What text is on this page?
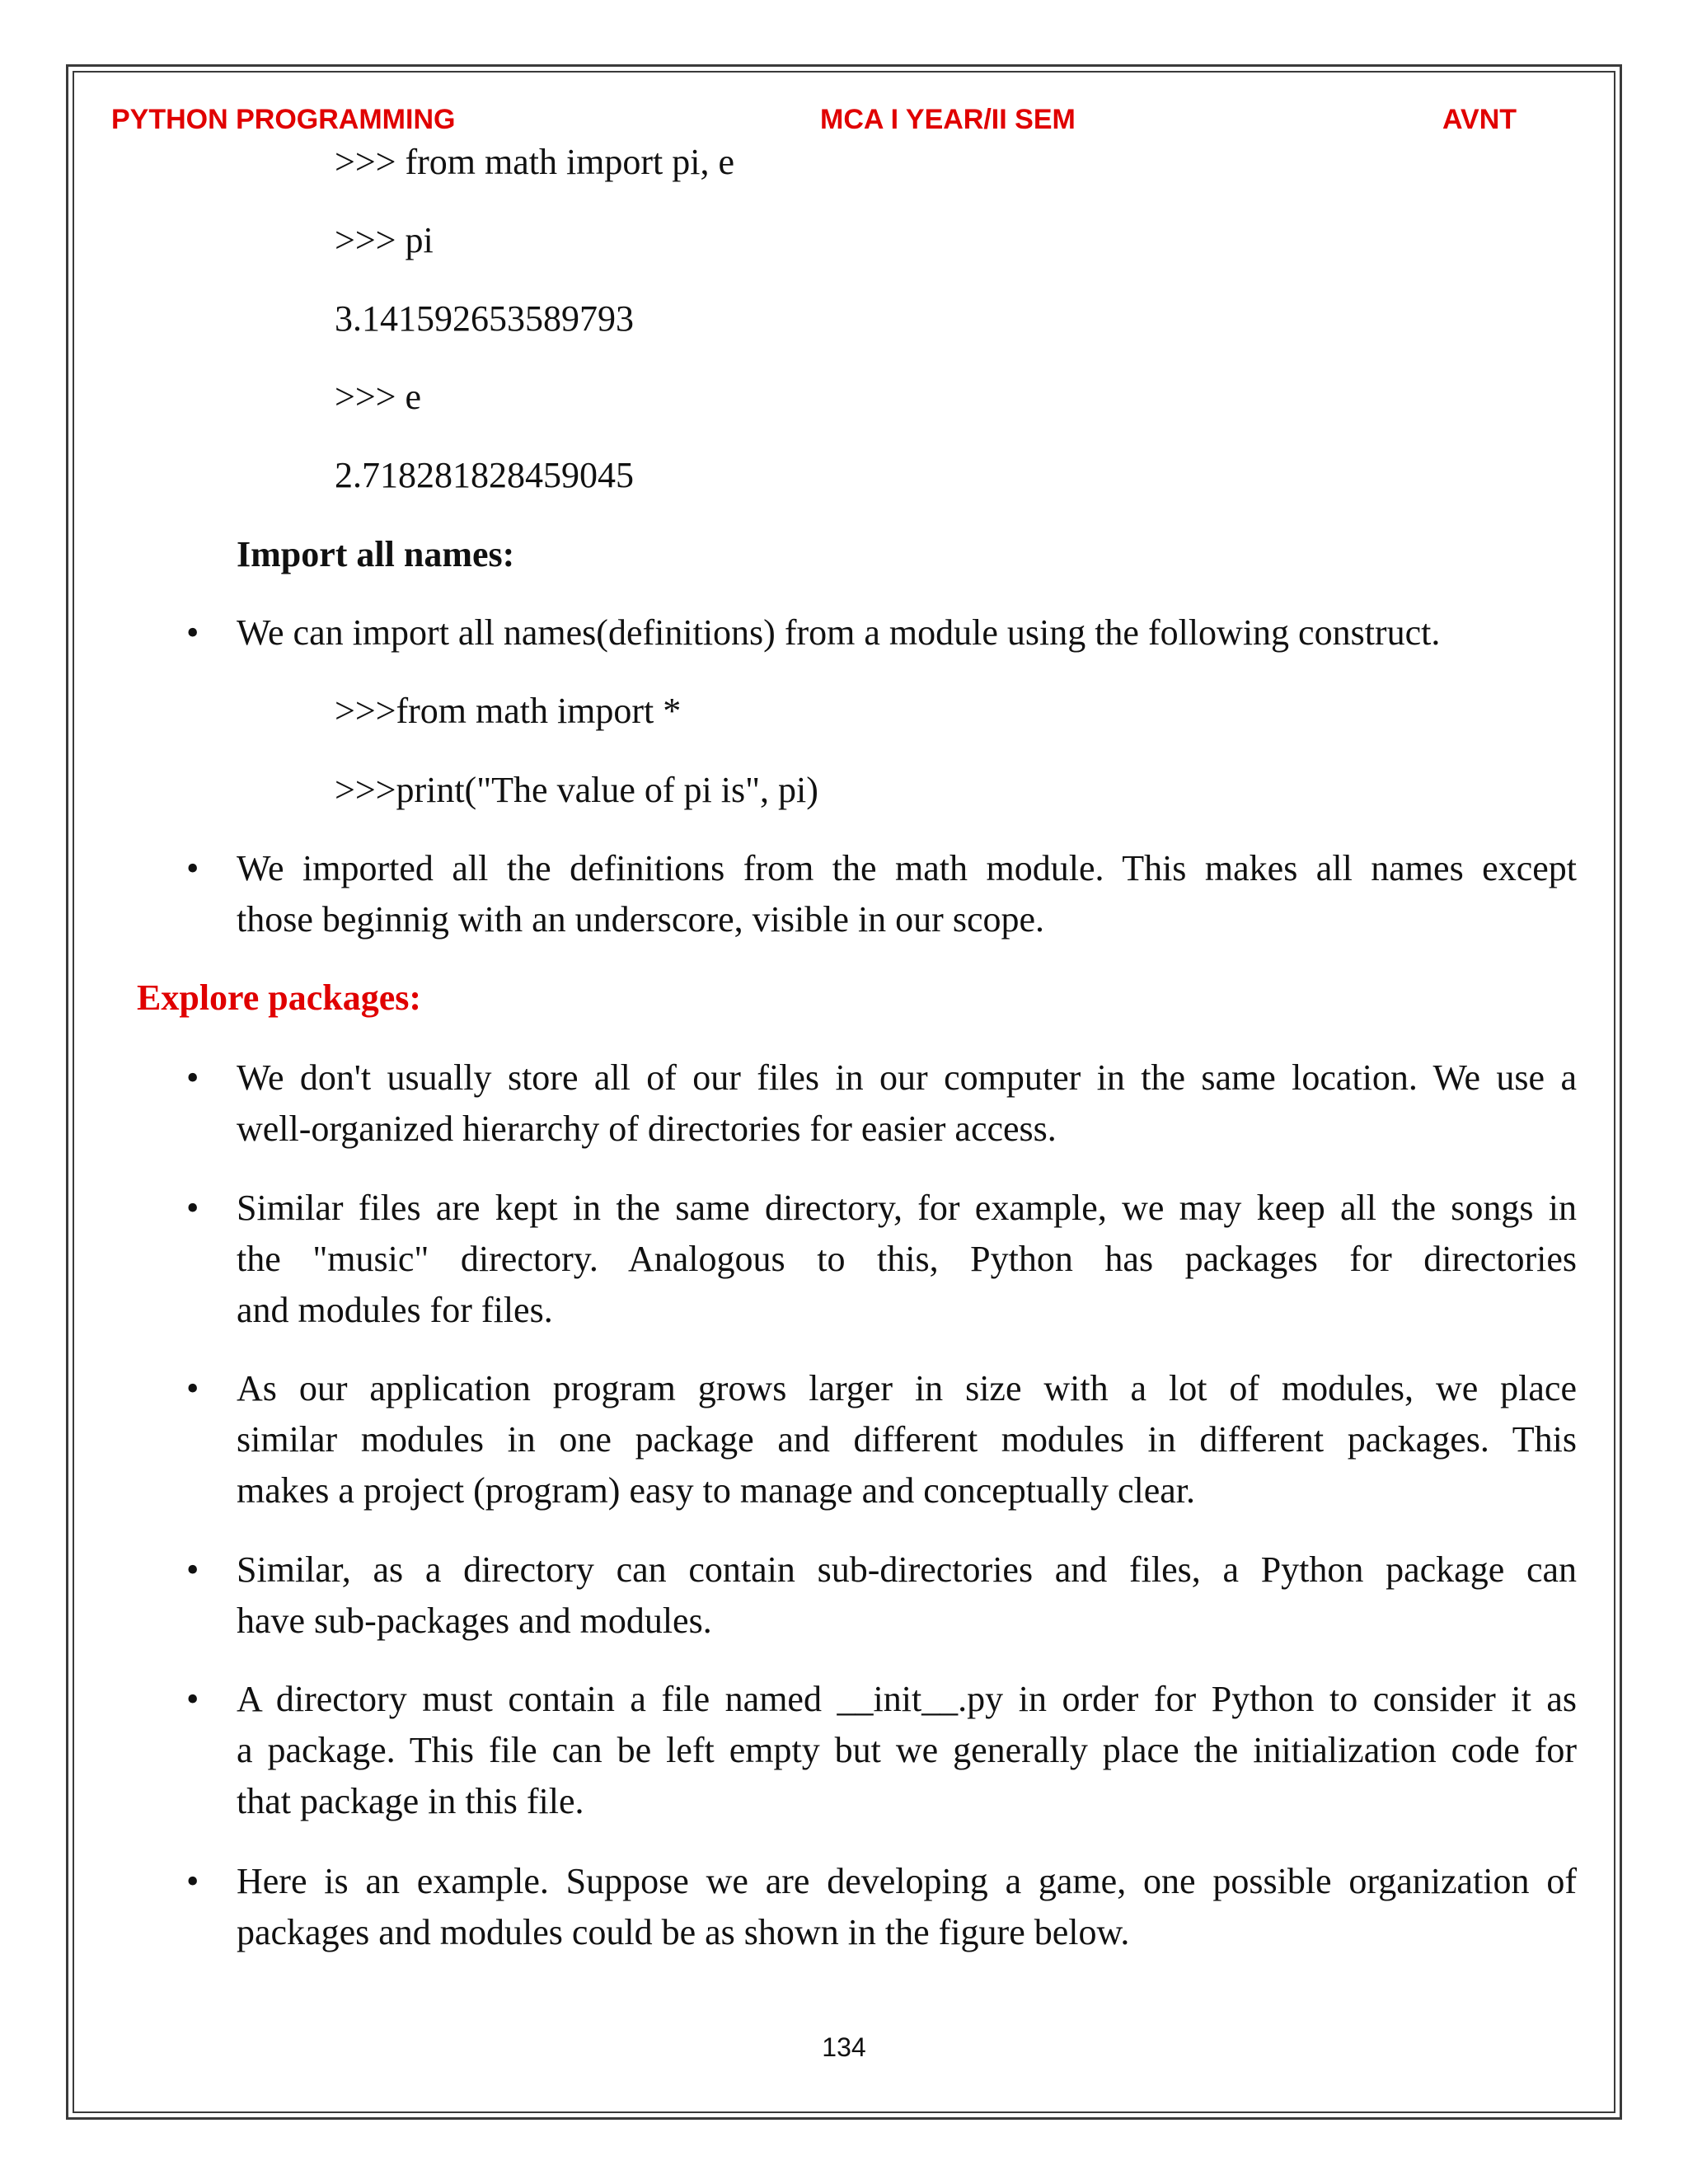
PYTHON PROGRAMMING	MCA I YEAR/II SEM	AVNT
>>> from math import pi, e
>>> pi
3.141592653589793
>>> e
2.718281828459045
Import all names:
• We can import all names(definitions) from a module using the following construct.
>>>from math import *
>>>print("The value of pi is", pi)
• We imported all the definitions from the math module. This makes all names except
those beginnig with an underscore, visible in our scope.
Explore packages:
• We don't usually store all of our files in our computer in the same location. We use a
well-organized hierarchy of directories for easier access.
• Similar files are kept in the same directory, for example, we may keep all the songs in
the "music" directory. Analogous to this, Python has packages for directories
and modules for files.
• As our application program grows larger in size with a lot of modules, we place
similar modules in one package and different modules in different packages. This
makes a project (program) easy to manage and conceptually clear.
• Similar, as a directory can contain sub-directories and files, a Python package can
have sub-packages and modules.
• A directory must contain a file named __init__.py in order for Python to consider it as
a package. This file can be left empty but we generally place the initialization code for
that package in this file.
• Here is an example. Suppose we are developing a game, one possible organization of
packages and modules could be as shown in the figure below.
134
